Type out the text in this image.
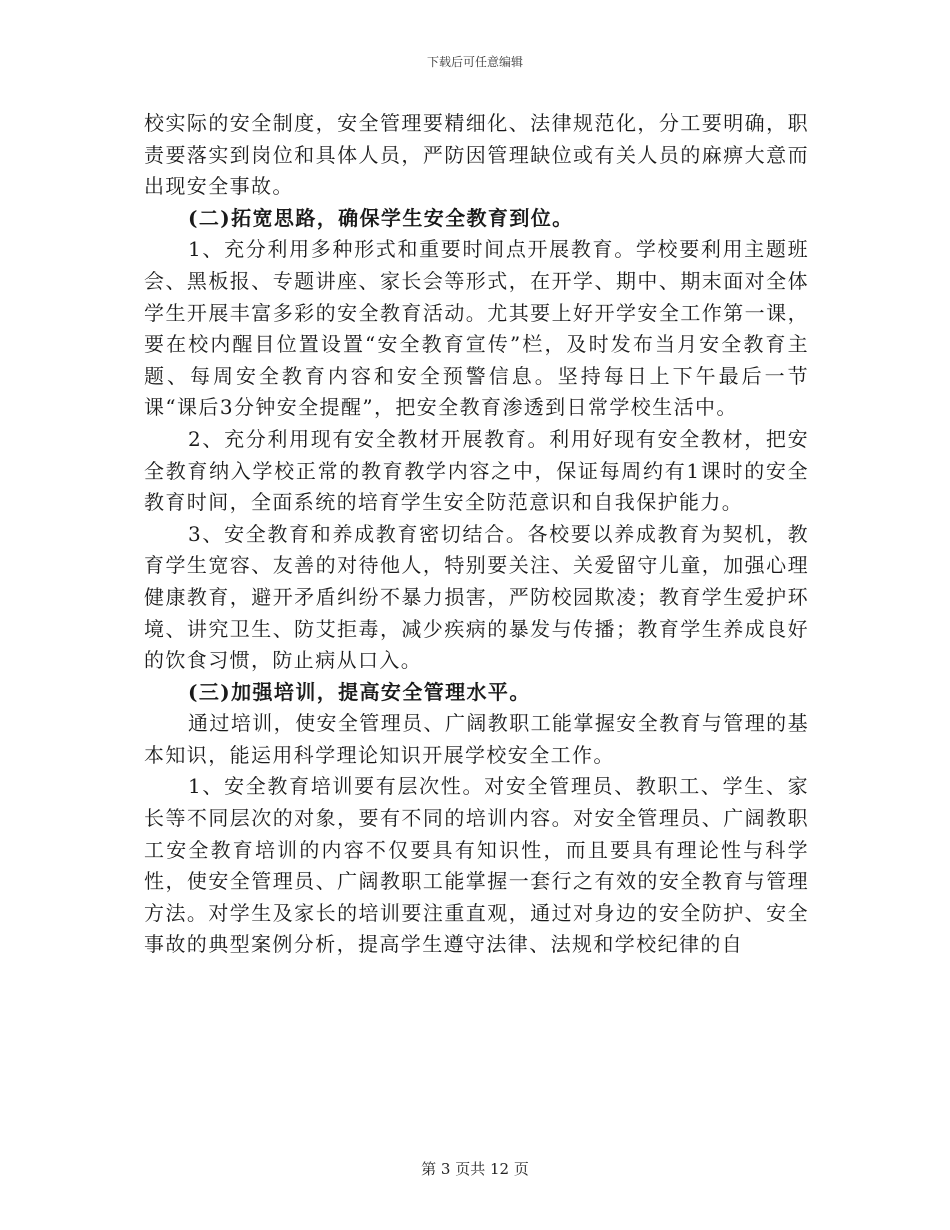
下载后可任意编辑

校实际的安全制度，安全管理要精细化、法律规范化，分工要明确，职责要落实到岗位和具体人员，严防因管理缺位或有关人员的麻痹大意而出现安全事故。

(二)拓宽思路，确保学生安全教育到位。

1、充分利用多种形式和重要时间点开展教育。学校要利用主题班会、黑板报、专题讲座、家长会等形式，在开学、期中、期末面对全体学生开展丰富多彩的安全教育活动。尤其要上好开学安全工作第一课，要在校内醒目位置设置“安全教育宣传”栏，及时发布当月安全教育主题、每周安全教育内容和安全预警信息。坚持每日上下午最后一节课“课后3分钟安全提醒”，把安全教育渗透到日常学校生活中。

2、充分利用现有安全教材开展教育。利用好现有安全教材，把安全教育纳入学校正常的教育教学内容之中，保证每周约有1课时的安全教育时间，全面系统的培育学生安全防范意识和自我保护能力。

3、安全教育和养成教育密切结合。各校要以养成教育为契机，教育学生宽容、友善的对待他人，特别要关注、关爱留守儿童，加强心理健康教育，避开矛盾纠纷不暴力损害，严防校园欺凌；教育学生爱护环境、讲究卫生、防艾拒毒，减少疾病的暴发与传播；教育学生养成良好的饮食习惯，防止病从口入。

(三)加强培训，提高安全管理水平。

通过培训，使安全管理员、广阔教职工能掌握安全教育与管理的基本知识，能运用科学理论知识开展学校安全工作。

1、安全教育培训要有层次性。对安全管理员、教职工、学生、家长等不同层次的对象，要有不同的培训内容。对安全管理员、广阔教职工安全教育培训的内容不仅要具有知识性，而且要具有理论性与科学性，使安全管理员、广阔教职工能掌握一套行之有效的安全教育与管理方法。对学生及家长的培训要注重直观，通过对身边的安全防护、安全事故的典型案例分析，提高学生遵守法律、法规和学校纪律的自

第 3 页共 12 页
